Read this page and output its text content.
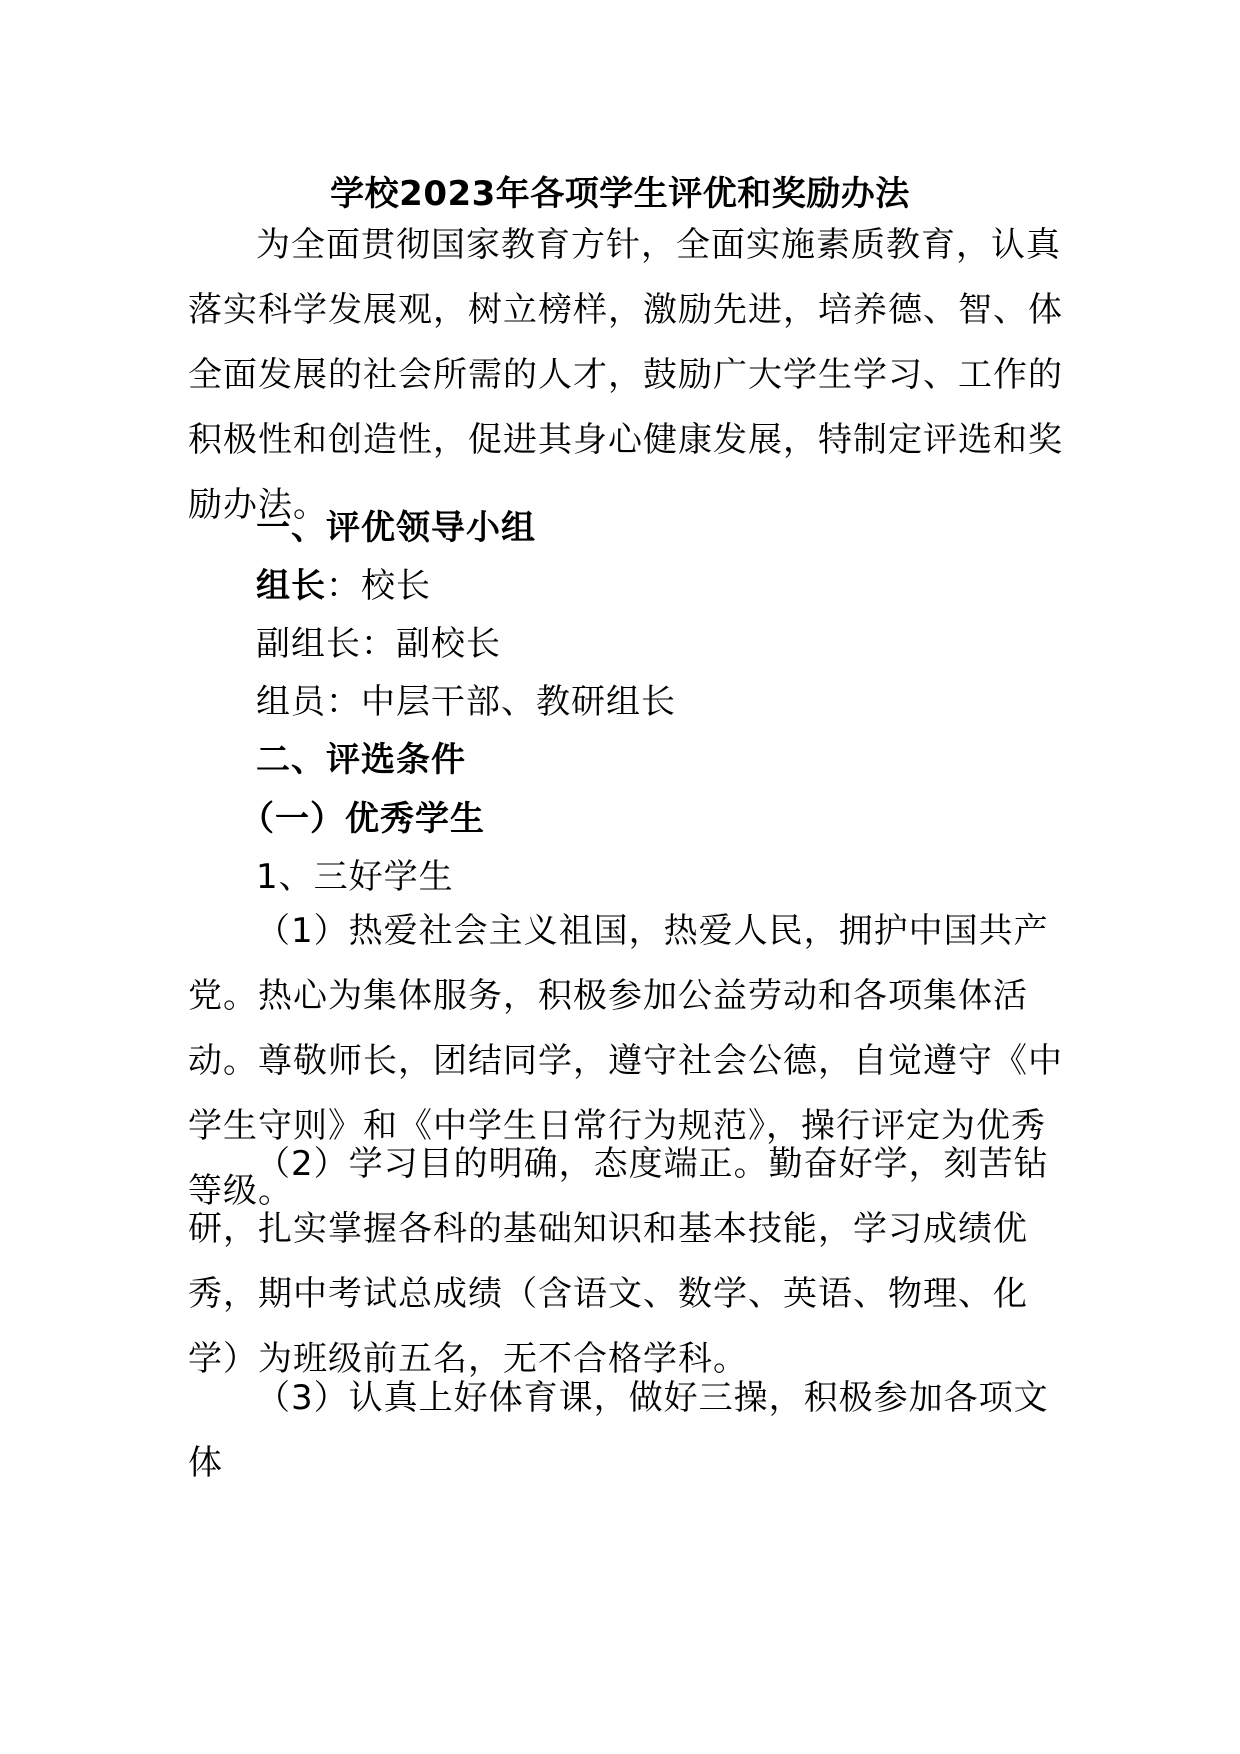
学校2023年各项学生评优和奖励办法

为全面贯彻国家教育方针，全面实施素质教育，认真落实科学发展观，树立榜样，激励先进，培养德、智、体全面发展的社会所需的人才，鼓励广大学生学习、工作的积极性和创造性，促进其身心健康发展，特制定评选和奖励办法。

一、评优领导小组
组长：校长
副组长：副校长
组员：中层干部、教研组长
二、评选条件
（一）优秀学生
1、三好学生

（1）热爱社会主义祖国，热爱人民，拥护中国共产党。热心为集体服务，积极参加公益劳动和各项集体活动。尊敬师长，团结同学，遵守社会公德，自觉遵守《中学生守则》和《中学生日常行为规范》，操行评定为优秀等级。

（2）学习目的明确，态度端正。勤奋好学，刻苦钻研，扎实掌握各科的基础知识和基本技能，学习成绩优秀，期中考试总成绩（含语文、数学、英语、物理、化学）为班级前五名，无不合格学科。

（3）认真上好体育课，做好三操，积极参加各项文体
